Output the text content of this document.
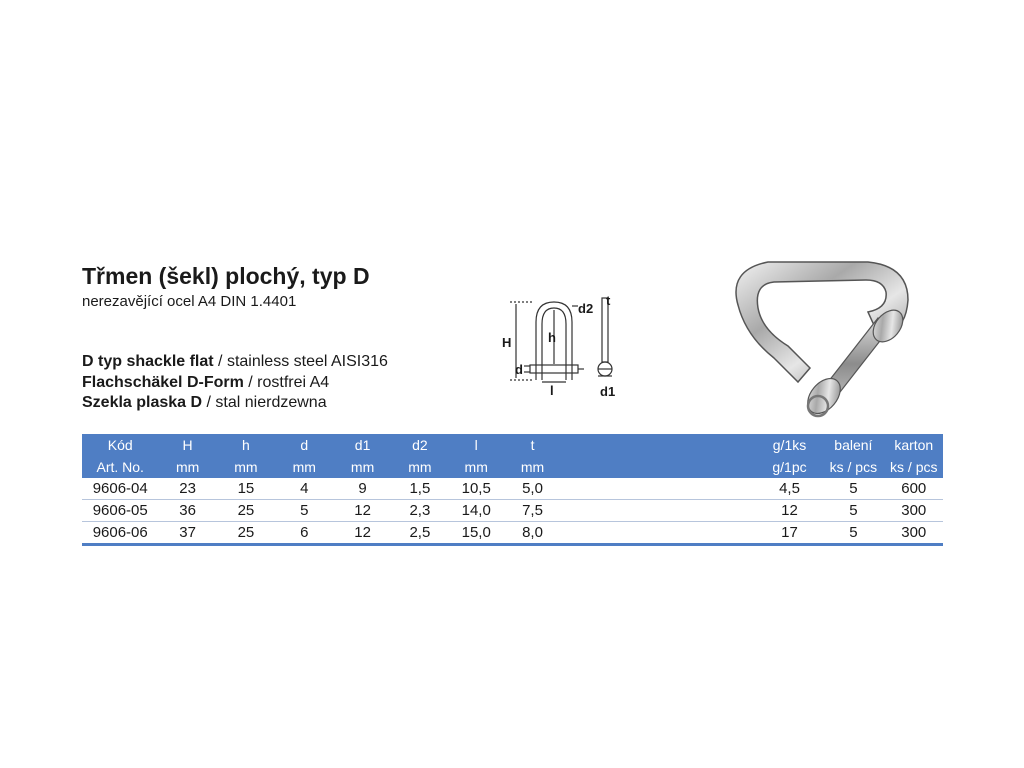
Třmen (šekl) plochý, typ D
nerezavějící ocel A4 DIN 1.4401
D typ shackle flat / stainless steel AISI316
Flachschäkel D-Form / rostfrei A4
Szekla plaska D / stal nierdzewna
H	h
d
l
d2
t
d1
Kód	H	h	d	d1	d2	l	t		g/1ks	balení	karton
Art. No.	mm	mm	mm	mm	mm	mm	mm		g/1pc	ks / pcs	ks / pcs
9606-04	23	15	4	9	1,5	10,5	5,0		4,5	5	600
9606-05	36	25	5	12	2,3	14,0	7,5		12	5	300
9606-06	37	25	6	12	2,5	15,0	8,0		17	5	300
